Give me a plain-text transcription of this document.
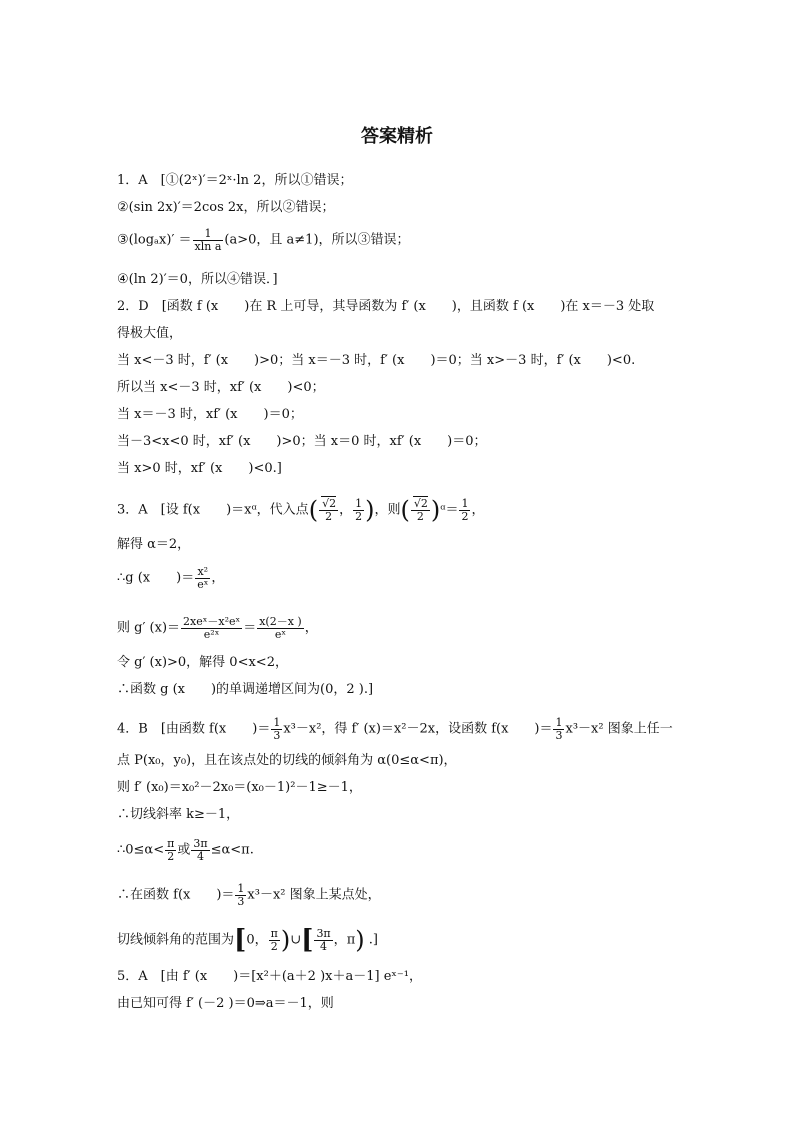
答案精析
1．A　[①(2ˣ)′＝2ˣ·ln 2，所以①错误；
②(sin 2x)′＝2cos 2x，所以②错误；
③(logₐx)′ ＝ $\frac{1}{\text{xln a}} (a>0$，且 a≠1)，所以③错误；
④(ln 2)′＝0，所以④错误．]
2．D　[函数 f (x　　)在 R 上可导，其导函数为 f′ (x　　)，且函数 f (x　　)在 x＝－3 处取
得极大值，
当 x<－3 时，f′ (x　　)>0；当 x＝－3 时，f′ (x　　)＝0；当 x>－3 时，f′ (x　　)<0.
所以当 x<－3 时，xf′ (x　　)<0；
当 x＝－3 时，xf′ (x　　)＝0；
当－3<x<0 时，xf′ (x　　)>0；当 x＝0 时，xf′ (x　　)＝0；
当 x>0 时，xf′ (x　　)<0.]
3．A　[设 f(x　　)＝xᵅ，代入点( $\frac{√2}{2}$ ， $\frac{1}{2}$ )，则( $\frac{√2}{2}$ )ᵅ＝ $\frac{1}{2}$ ，
解得 α＝2，
∴g (x　　)＝ $\frac{\text{x²}}{\text{eˣ}}$ ，
则 g′ $(x)= \frac{\text{2xeˣ－x²eˣ}}{\text{e²ˣ}} = \frac{x(2-x )}{\text{eˣ}}$ ，
令 g′ (x)>0，解得 0<x<2，
∴函数 g (x　　)的单调递增区间为(0，2 ).]
4．B　[由函数 f(x　　)＝ $\frac{1}{3} x^3-x^2$，得 f′ (x)＝x²－2x，设函数 f(x　　)＝ $\frac{1}{3} x^3-x^2$ 图象上任一
点 P(x₀，y₀)，且在该点处的切线的倾斜角为 α(0≤α<π)，
则 f′ (x₀)＝x₀²－2x₀＝(x₀－1)²－1≥－1，
∴切线斜率 k≥－1，
∴0≤α< $\frac{\pi}{2}$ 或 $\frac{3\pi}{4} \le\alpha<\pi$.
∴在函数 f(x　　)＝ $\frac{1}{3} x^3-x^2$ 图象上某点处，
切线倾斜角的范围为[0， $\frac{\pi}{2}$ )∪[ $\frac{3\pi}{4}$ ，π) .]
5．A　[由 f′ (x　　)＝[x²＋(a＋2 )x＋a－1] eˣ⁻¹，
由已知可得 f′ (－2 )＝0⇒a＝－1，则
